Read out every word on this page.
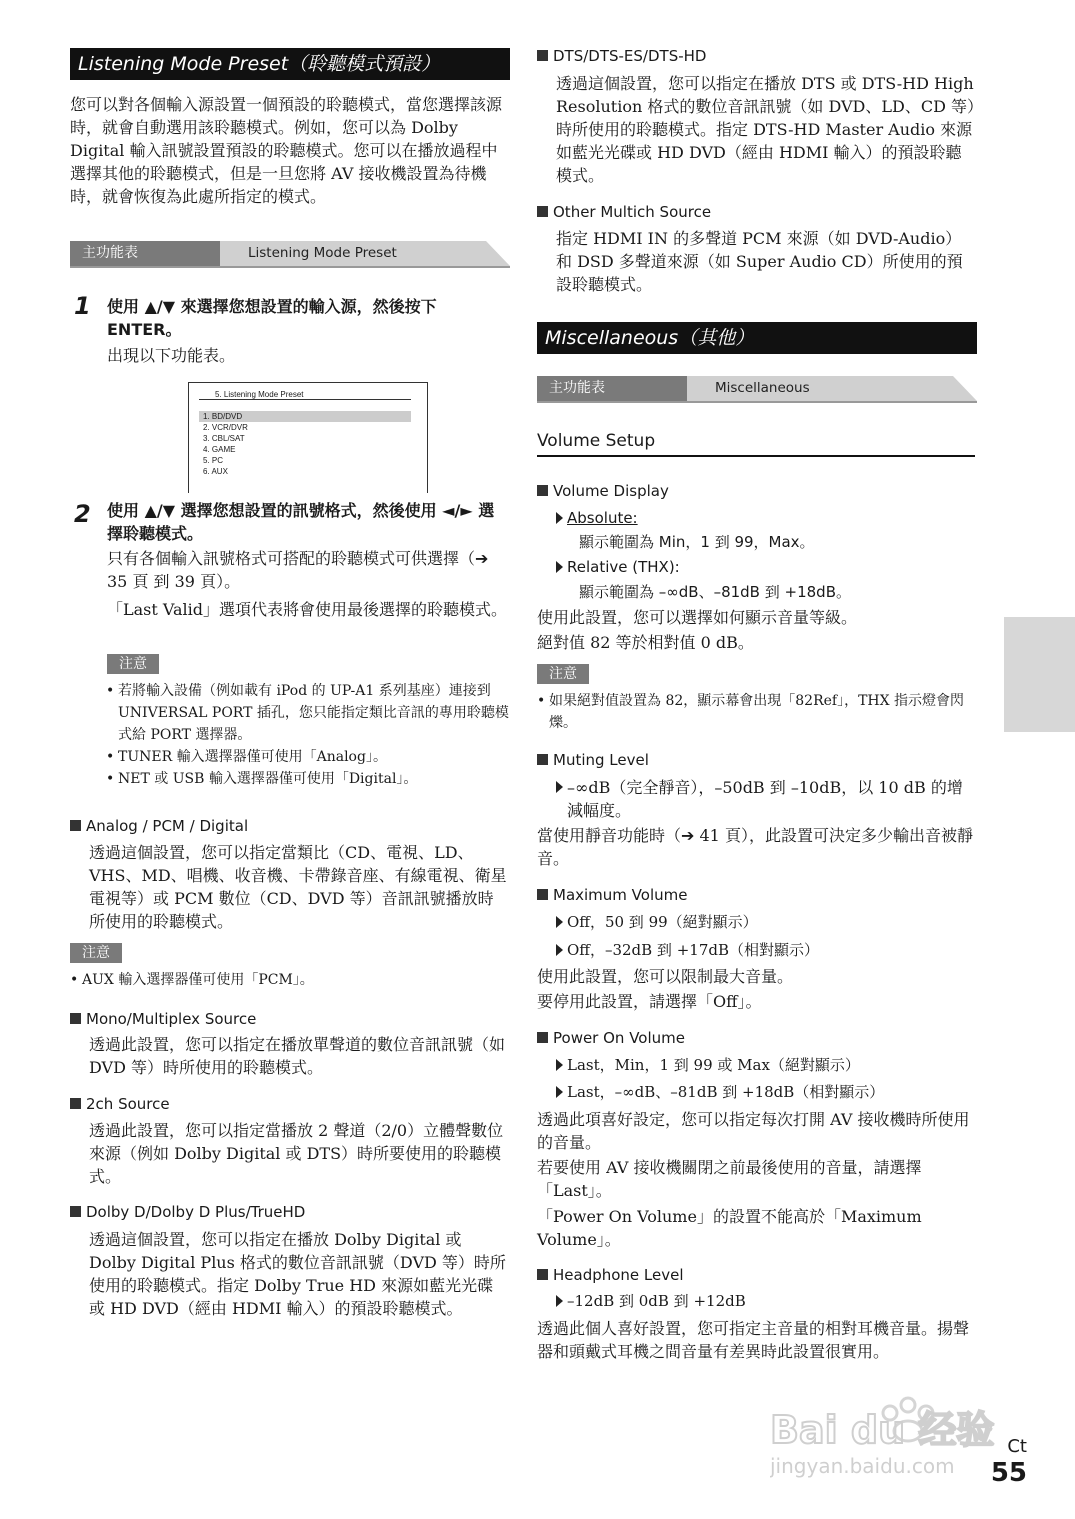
Listening Mode Preset（聆聽模式預設）
您可以對各個輸入源設置一個預設的聆聽模式，當您選擇該源時，就會自動選用該聆聽模式。例如，您可以為 Dolby Digital 輸入訊號設置預設的聆聽模式。您可以在播放過程中選擇其他的聆聽模式，但是一旦您將 AV 接收機設置為待機時，就會恢復為此處所指定的模式。
主功能表	Listening Mode Preset
1 使用 ▲/▼ 來選擇您想設置的輸入源，然後按下 ENTER。
出現以下功能表。
5. Listening Mode Preset
1. BD/DVD
2. VCR/DVR
3. CBL/SAT
4. GAME
5. PC
6. AUX
2 使用 ▲/▼ 選擇您想設置的訊號格式，然後使用 ◄/► 選擇聆聽模式。
只有各個輸入訊號格式可搭配的聆聽模式可供選擇（➔ 35 頁 到 39 頁）。
「Last Valid」選項代表將會使用最後選擇的聆聽模式。
注意
• 若將輸入設備（例如載有 iPod 的 UP-A1 系列基座）連接到 UNIVERSAL PORT 插孔，您只能指定類比音訊的專用聆聽模式給 PORT 選擇器。
• TUNER 輸入選擇器僅可使用「Analog」。
• NET 或 USB 輸入選擇器僅可使用「Digital」。
Analog / PCM / Digital
透過這個設置，您可以指定當類比（CD、電視、LD、VHS、MD、唱機、收音機、卡帶錄音座、有線電視、衛星電視等）或 PCM 數位（CD、DVD 等）音訊訊號播放時所使用的聆聽模式。
注意
• AUX 輸入選擇器僅可使用「PCM」。
Mono/Multiplex Source
透過此設置，您可以指定在播放單聲道的數位音訊訊號（如 DVD 等）時所使用的聆聽模式。
2ch Source
透過此設置，您可以指定當播放 2 聲道（2/0）立體聲數位來源（例如 Dolby Digital 或 DTS）時所要使用的聆聽模式。
Dolby D/Dolby D Plus/TrueHD
透過這個設置，您可以指定在播放 Dolby Digital 或 Dolby Digital Plus 格式的數位音訊訊號（DVD 等）時所使用的聆聽模式。指定 Dolby True HD 來源如藍光光碟或 HD DVD（經由 HDMI 輸入）的預設聆聽模式。
DTS/DTS-ES/DTS-HD
透過這個設置，您可以指定在播放 DTS 或 DTS-HD High Resolution 格式的數位音訊訊號（如 DVD、LD、CD 等）時所使用的聆聽模式。指定 DTS-HD Master Audio 來源如藍光光碟或 HD DVD（經由 HDMI 輸入）的預設聆聽模式。
Other Multich Source
指定 HDMI IN 的多聲道 PCM 來源（如 DVD-Audio）和 DSD 多聲道來源（如 Super Audio CD）所使用的預設聆聽模式。
Miscellaneous（其他）
主功能表	Miscellaneous
Volume Setup
Volume Display
Absolute:
顯示範圍為 Min，1 到 99，Max。
Relative (THX):
顯示範圍為 –∞dB、–81dB 到 +18dB。
使用此設置，您可以選擇如何顯示音量等級。
絕對值 82 等於相對值 0 dB。
注意
• 如果絕對值設置為 82，顯示幕會出現「82Ref」，THX 指示燈會閃爍。
Muting Level
–∞dB（完全靜音），–50dB 到 –10dB，以 10 dB 的增減幅度。
當使用靜音功能時（➔ 41 頁），此設置可決定多少輸出音被靜音。
Maximum Volume
Off，50 到 99（絕對顯示）
Off，–32dB 到 +17dB（相對顯示）
使用此設置，您可以限制最大音量。
要停用此設置，請選擇「Off」。
Power On Volume
Last，Min，1 到 99 或 Max（絕對顯示）
Last，–∞dB、–81dB 到 +18dB（相對顯示）
透過此項喜好設定，您可以指定每次打開 AV 接收機時所使用的音量。
若要使用 AV 接收機關閉之前最後使用的音量，請選擇「Last」。
「Power On Volume」的設置不能高於「Maximum Volume」。
Headphone Level
–12dB 到 0dB 到 +12dB
透過此個人喜好設置，您可指定主音量的相對耳機音量。揚聲器和頭戴式耳機之間音量有差異時此設置很實用。
Bai du 经验
jingyan.baidu.com
Ct
55
